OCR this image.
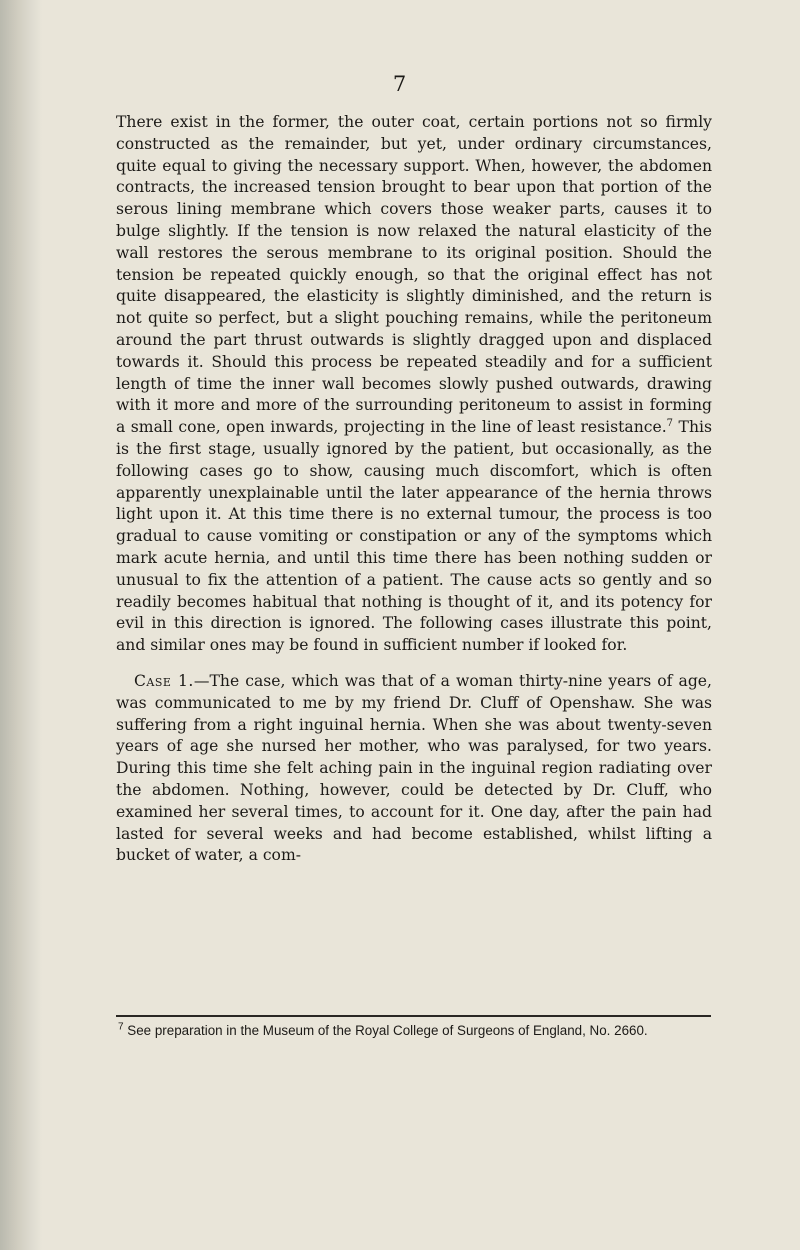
7

There exist in the former, the outer coat, certain portions not so firmly constructed as the remainder, but yet, under ordinary circumstances, quite equal to giving the necessary support. When, however, the abdomen contracts, the increased tension brought to bear upon that portion of the serous lining membrane which covers those weaker parts, causes it to bulge slightly. If the tension is now relaxed the natural elasticity of the wall restores the serous membrane to its original position. Should the tension be repeated quickly enough, so that the original effect has not quite disappeared, the elasticity is slightly diminished, and the return is not quite so perfect, but a slight pouching remains, while the peritoneum around the part thrust outwards is slightly dragged upon and displaced towards it. Should this process be repeated steadily and for a sufficient length of time the inner wall becomes slowly pushed outwards, drawing with it more and more of the surrounding peritoneum to assist in forming a small cone, open inwards, projecting in the line of least resistance.$^7$ This is the first stage, usually ignored by the patient, but occasionally, as the following cases go to show, causing much discomfort, which is often apparently unexplainable until the later appearance of the hernia throws light upon it. At this time there is no external tumour, the process is too gradual to cause vomiting or constipation or any of the symptoms which mark acute hernia, and until this time there has been nothing sudden or unusual to fix the attention of a patient. The cause acts so gently and so readily becomes habitual that nothing is thought of it, and its potency for evil in this direction is ignored. The following cases illustrate this point, and similar ones may be found in sufficient number if looked for.

Case 1.—The case, which was that of a woman thirty-nine years of age, was communicated to me by my friend Dr. Cluff of Openshaw. She was suffering from a right inguinal hernia. When she was about twenty-seven years of age she nursed her mother, who was paralysed, for two years. During this time she felt aching pain in the inguinal region radiating over the abdomen. Nothing, however, could be detected by Dr. Cluff, who examined her several times, to account for it. One day, after the pain had lasted for several weeks and had become established, whilst lifting a bucket of water, a com-

$^7$ See preparation in the Museum of the Royal College of Surgeons of England, No. 2660.
